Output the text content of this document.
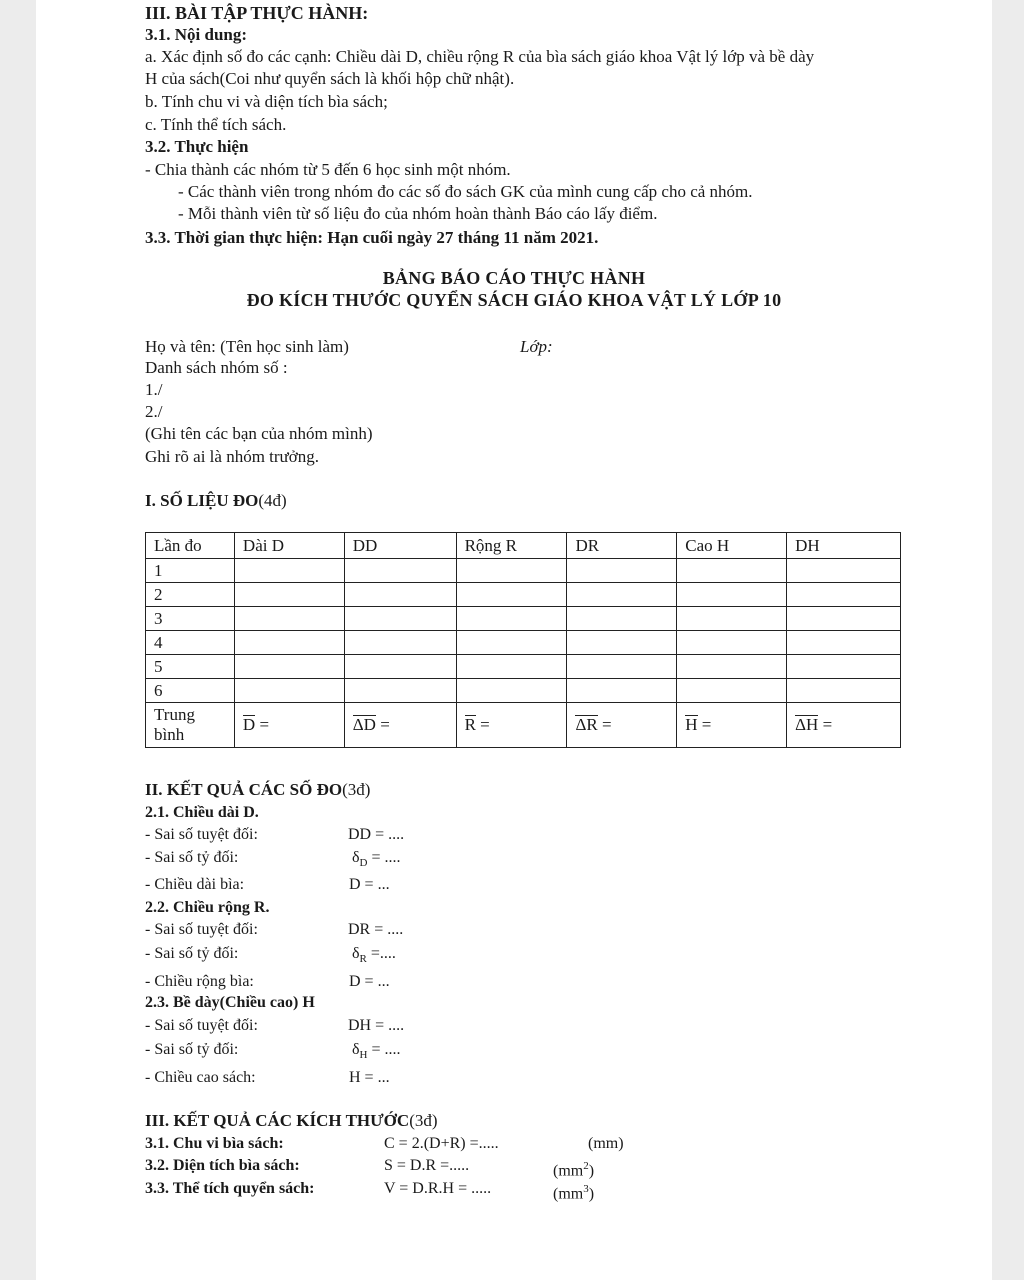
III. BÀI TẬP THỰC HÀNH:
3.1. Nội dung:
a. Xác định số đo các cạnh: Chiều dài D, chiều rộng R của bìa sách giáo khoa Vật lý lớp và bề dày
H của sách(Coi như quyển sách là khối hộp chữ nhật).
b. Tính chu vi và diện tích bìa sách;
c. Tính thể tích sách.
3.2. Thực hiện
- Chia thành các nhóm từ 5 đến 6 học sinh một nhóm.
- Các thành viên trong nhóm đo các số đo sách GK của mình cung cấp cho cả nhóm.
- Mỗi thành viên từ số liệu đo của nhóm hoàn thành Báo cáo lấy điểm.
3.3. Thời gian thực hiện: Hạn cuối ngày 27 tháng 11 năm 2021.
BẢNG BÁO CÁO THỰC HÀNH
ĐO KÍCH THƯỚC QUYỂN SÁCH GIÁO KHOA VẬT LÝ LỚP 10
Họ và tên: (Tên học sinh làm)	Lớp:
Danh sách nhóm số :
1./
2./
(Ghi tên các bạn của nhóm mình)
Ghi rõ ai là nhóm trưởng.
I. SỐ LIỆU ĐO(4đ)
Lần đo	Dài D	DD	Rộng R	DR	Cao H	DH
1						
2						
3						
4						
5						
6						
Trung
bình	D =	ΔD =	R =	ΔR =	H =	ΔH =
II. KẾT QUẢ CÁC SỐ ĐO(3đ)
2.1. Chiều dài D.
- Sai số tuyệt đối:	DD = ....
- Sai số tỷ đối:	$\delta_D$ = ....
- Chiều dài bìa:	D = ...
2.2. Chiều rộng R.
- Sai số tuyệt đối:	DR = ....
- Sai số tỷ đối:	$\delta_R$ =....
- Chiều rộng bìa:	D = ...
2.3. Bề dày(Chiều cao) H
- Sai số tuyệt đối:	DH = ....
- Sai số tỷ đối:	$\delta_H$ = ....
- Chiều cao sách:	H = ...
III. KẾT QUẢ CÁC KÍCH THƯỚC(3đ)
3.1. Chu vi bìa sách:	C = 2.(D+R) =.....	(mm)
3.2. Diện tích bìa sách:	S = D.R =.....	$(mm^2)$
3.3. Thể tích quyển sách:	V = D.R.H = .....	$(mm^3)$
